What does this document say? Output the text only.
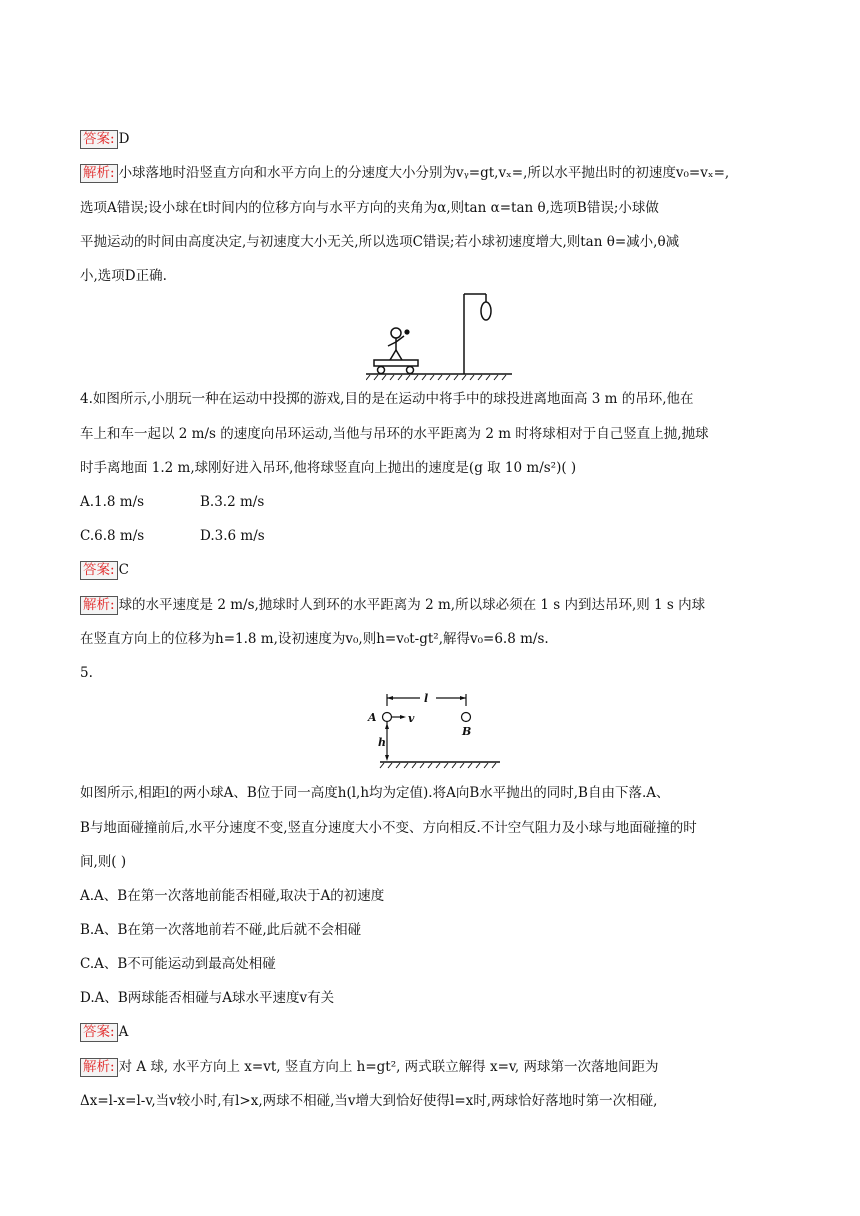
答案: D
解析: 小球落地时沿竖直方向和水平方向上的分速度大小分别为vᵧ=gt,vₓ=,所以水平抛出时的初速度v₀=vₓ=,
选项A错误;设小球在t时间内的位移方向与水平方向的夹角为α,则tan α=tan θ,选项B错误;小球做
平抛运动的时间由高度决定,与初速度大小无关,所以选项C错误;若小球初速度增大,则tan θ=减小,θ减
小,选项D正确.
4.如图所示,小朋玩一种在运动中投掷的游戏,目的是在运动中将手中的球投进离地面高 3 m 的吊环,他在
车上和车一起以 2 m/s 的速度向吊环运动,当他与吊环的水平距离为 2 m 时将球相对于自己竖直上抛,抛球
时手离地面 1.2 m,球刚好进入吊环,他将球竖直向上抛出的速度是(g 取 10 m/s²)( )
A.1.8 m/s	B.3.2 m/s
C.6.8 m/s	D.3.6 m/s
答案: C
解析: 球的水平速度是 2 m/s,抛球时人到环的水平距离为 2 m,所以球必须在 1 s 内到达吊环,则 1 s 内球
在竖直方向上的位移为h=1.8 m,设初速度为v₀,则h=v₀t-gt²,解得v₀=6.8 m/s.
5.
l
A	v
B
h
如图所示,相距l的两小球A、B位于同一高度h(l,h均为定值).将A向B水平抛出的同时,B自由下落.A、
B与地面碰撞前后,水平分速度不变,竖直分速度大小不变、方向相反.不计空气阻力及小球与地面碰撞的时
间,则( )
A.A、B在第一次落地前能否相碰,取决于A的初速度
B.A、B在第一次落地前若不碰,此后就不会相碰
C.A、B不可能运动到最高处相碰
D.A、B两球能否相碰与A球水平速度v有关
答案: A
解析: 对 A 球, 水平方向上 x=vt, 竖直方向上 h=gt², 两式联立解得 x=v, 两球第一次落地间距为
Δx=l-x=l-v,当v较小时,有l>x,两球不相碰,当v增大到恰好使得l=x时,两球恰好落地时第一次相碰,
